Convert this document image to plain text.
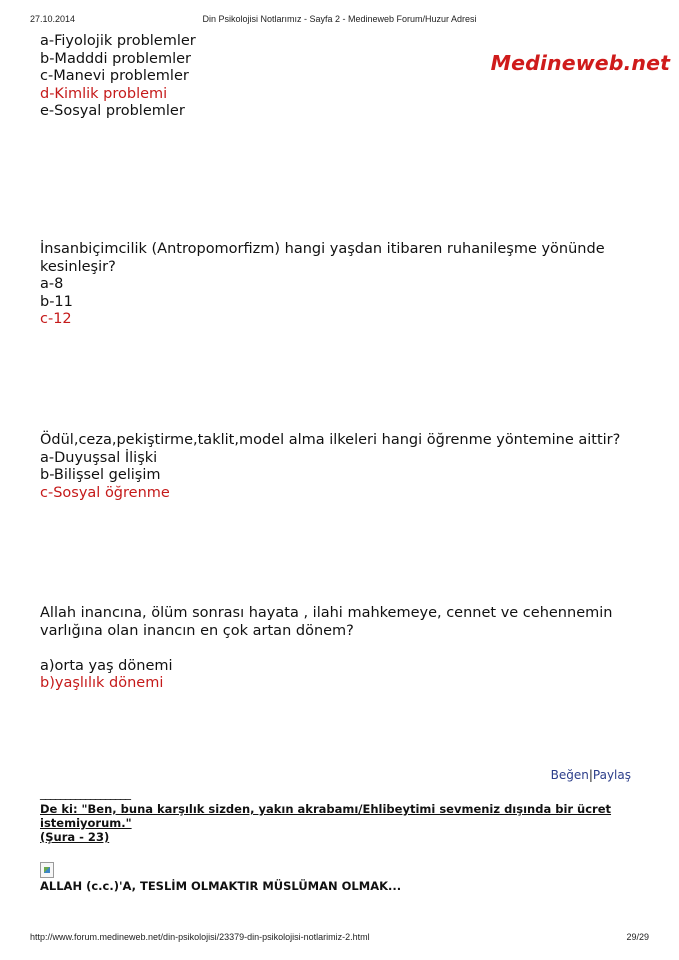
27.10.2014	Din Psikolojisi Notlarımız - Sayfa 2 - Medineweb Forum/Huzur Adresi
Medineweb.net
a-Fiyolojik problemler
b-Madddi problemler
c-Manevi problemler
d-Kimlik problemi
e-Sosyal problemler
İnsanbiçimcilik (Antropomorfizm) hangi yaşdan itibaren ruhanileşme yönünde kesinleşir?
a-8
b-11
c-12
Ödül,ceza,pekiştirme,taklit,model alma ilkeleri hangi öğrenme yöntemine aittir?
a-Duyuşsal İlişki
b-Bilişsel gelişim
c-Sosyal öğrenme
Allah inancına, ölüm sonrası hayata , ilahi mahkemeye, cennet ve cehennemin varlığına olan inancın en çok artan dönem?
a)orta yaş dönemi
b)yaşlılık dönemi
Beğen|Paylaş
__________________
De ki: "Ben, buna karşılık sizden, yakın akrabamı/Ehlibeytimi sevmeniz dışında bir ücret istemiyorum."
(Şura - 23)
ALLAH (c.c.)'A, TESLİM OLMAKTIR MÜSLÜMAN OLMAK...
http://www.forum.medineweb.net/din-psikolojisi/23379-din-psikolojisi-notlarimiz-2.html	29/29
